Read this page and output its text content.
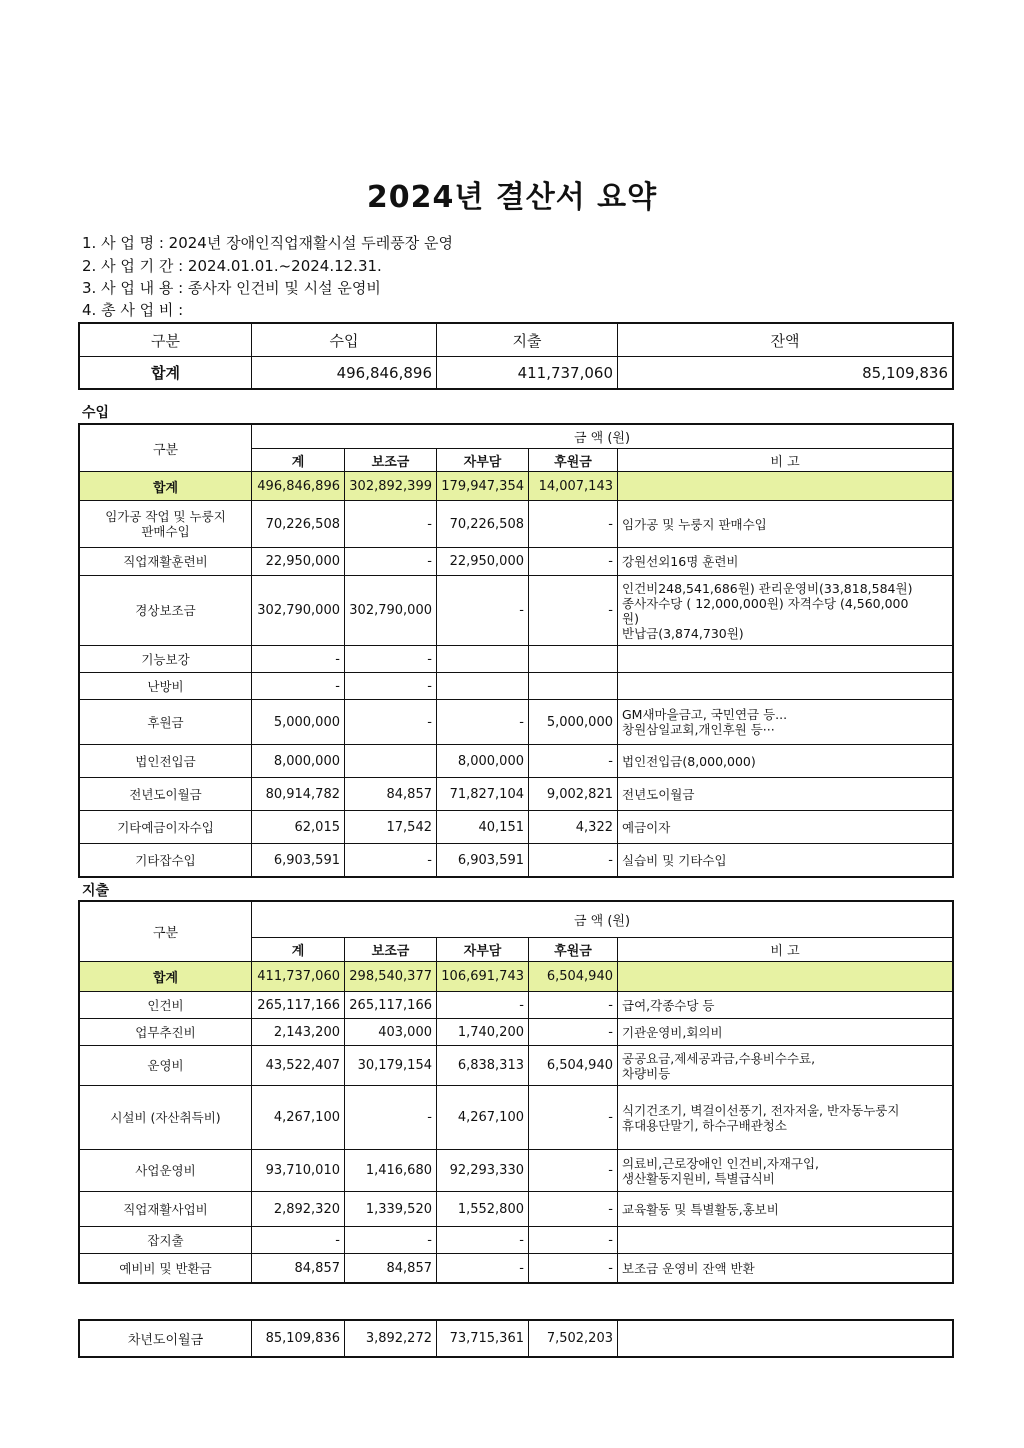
2024년 결산서 요약
1. 사 업 명 : 2024년 장애인직업재활시설 두레풍장 운영
2. 사 업 기 간 : 2024.01.01.~2024.12.31.
3. 사 업 내 용 : 종사자 인건비 및 시설 운영비
4. 총 사 업 비 :
구분	수입	지출	잔액
합계	496,846,896	411,737,060	85,109,836
수입
구분	금 액 (원)				
	계	보조금	자부담	후원금	비 고
합계	496,846,896	302,892,399	179,947,354	14,007,143	
임가공 작업 및 누룽지
판매수입	70,226,508	-	70,226,508	-	임가공 및 누룽지 판매수입
직업재활훈련비	22,950,000	-	22,950,000	-	강원선외16명 훈련비
경상보조금	302,790,000	302,790,000	-	-	인건비248,541,686원) 관리운영비(33,818,584원)
종사자수당 ( 12,000,000원) 자격수당 (4,560,000
원)
반납금(3,874,730원)
기능보강	-	-			
난방비	-	-			
후원금	5,000,000	-	-	5,000,000	GM새마을금고, 국민연금 등...
창원삼일교회,개인후원 등···
법인전입금	8,000,000		8,000,000	-	법인전입금(8,000,000)
전년도이월금	80,914,782	84,857	71,827,104	9,002,821	전년도이월금
기타예금이자수입	62,015	17,542	40,151	4,322	예금이자
기타잡수입	6,903,591	-	6,903,591	-	실습비 및 기타수입
지출
구분	금 액 (원)				
	계	보조금	자부담	후원금	비 고
합계	411,737,060	298,540,377	106,691,743	6,504,940	
인건비	265,117,166	265,117,166	-	-	급여,각종수당 등
업무추진비	2,143,200	403,000	1,740,200	-	기관운영비,회의비
운영비	43,522,407	30,179,154	6,838,313	6,504,940	공공요금,제세공과금,수용비수수료,
차량비등
시설비 (자산취득비)	4,267,100	-	4,267,100	-	식기건조기, 벽걸이선풍기, 전자저울, 반자동누룽지
휴대용단말기, 하수구배관청소
사업운영비	93,710,010	1,416,680	92,293,330	-	의료비,근로장애인 인건비,자재구입,
생산활동지원비, 특별급식비
직업재활사업비	2,892,320	1,339,520	1,552,800	-	교육활동 및 특별활동,홍보비
잡지출	-	-	-	-	
예비비 및 반환금	84,857	84,857	-	-	보조금 운영비 잔액 반환
차년도이월금	85,109,836	3,892,272	73,715,361	7,502,203	
